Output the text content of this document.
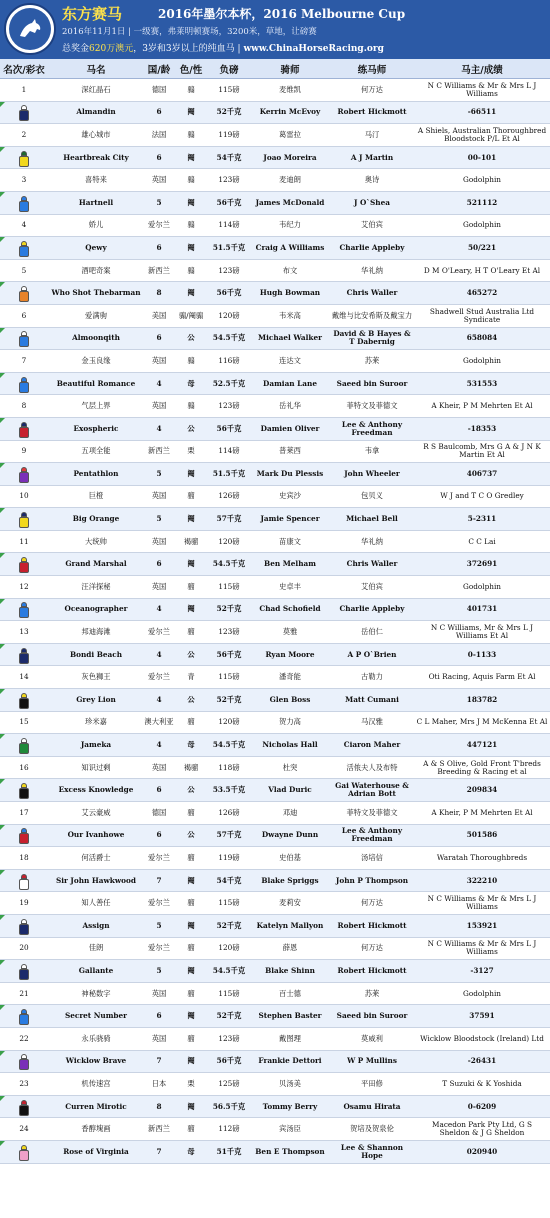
东方赛马	2016年墨尔本杯，2016 Melbourne Cup
2016年11月1日 | 一级赛，弗莱明顿赛场，3200米，草地，让磅赛
总奖金620万澳元，3岁和3岁以上的纯血马 | www.ChinaHorseRacing.org
名次/彩衣	马名	国/龄	色/性	负磅	骑师	练马师	马主/成绩
1	深红晶石	德国	骟	115磅	麦维凯	何万达	N C Williams & Mr & Mrs L J Williams
Almandin	6	阉	52千克	Kerrin McEvoy	Robert Hickmott	-66511
2	雄心城市	法国	骟	119磅	葛雷拉	马汀	A Shiels, Australian Thoroughbred Bloodstock P/L Et Al
Heartbreak City	6	阉	54千克	Joao Moreira	A J Martin	00-101
3	喜特来	英国	骟	123磅	麦迪朗	奥诗	Godolphin
Hartnell	5	阉	56千克	James McDonald	J O`Shea	521112
4	娇儿	爱尔兰	骟	114磅	韦纪力	艾伯宾	Godolphin
Qewy	6	阉	51.5千克	Craig A Williams	Charlie Appleby	50/221
5	酒吧奇案	新西兰	骟	123磅	布文	华礼纳	D M O'Leary, H T O'Leary Et Al
Who Shot Thebarman	8	阉	56千克	Hugh Bowman	Chris Waller	465272
6	爱满驹	美国	骟/阉骟	120磅	韦米高	戴维与比安希斯及戴宝力	Shadwell Stud Australia Ltd Syndicate
Almoonqith	6	公	54.5千克	Michael Walker	David & B Hayes & T Dabernig	658084
7	金玉良缘	英国	骟	116磅	连达文	苏莱	Godolphin
Beautiful Romance	4	母	52.5千克	Damian Lane	Saeed bin Suroor	531553
8	气层上界	英国	骟	123磅	岳礼华	菲特文及菲德文	A Kheir, P M Mehrten Et Al
Exospheric	4	公	56千克	Damien Oliver	Lee & Anthony Freedman	-18353
9	五项全能	新西兰	栗	114磅	普莱西	韦拿	R S Baulcomb, Mrs G A & J N K Martin Et Al
Pentathlon	5	阉	51.5千克	Mark Du Plessis	John Wheeler	406737
10	巨橙	英国	骝	126磅	史宾沙	包贝义	W J and T C O Gredley
Big Orange	5	阉	57千克	Jamie Spencer	Michael Bell	5-2311
11	大统帅	英国	褐骝	120磅	苗康文	华礼纳	C C Lai
Grand Marshal	6	阉	54.5千克	Ben Melham	Chris Waller	372691
12	汪洋探秘	英国	骝	115磅	史卓丰	艾伯宾	Godolphin
Oceanographer	4	阉	52千克	Chad Schofield	Charlie Appleby	401731
13	邦迪海滩	爱尔兰	骝	123磅	莫雅	岳伯仁	N C Williams, Mr & Mrs L J Williams Et Al
Bondi Beach	4	公	56千克	Ryan Moore	A P O`Brien	0-1133
14	灰色狮王	爱尔兰	青	115磅	潘奇能	古勒力	Oti Racing, Aquis Farm Et Al
Grey Lion	4	公	52千克	Glen Boss	Matt Cumani	183782
15	珍米嘉	澳大利亚	骝	120磅	贺力高	马汉雅	C L Maher, Mrs J M McKenna Et Al
Jameka	4	母	54.5千克	Nicholas Hall	Ciaron Maher	447121
16	知识过剩	英国	褐骝	118磅	杜突	活侬夫人及布特	A & S Olive, Gold Front T'breds Breeding & Racing et al
Excess Knowledge	6	公	53.5千克	Vlad Duric	Gai Waterhouse & Adrian Bott	209834
17	艾云豪威	德国	骝	126磅	邓迪	菲特文及菲德文	A Kheir, P M Mehrten Et Al
Our Ivanhowe	6	公	57千克	Dwayne Dunn	Lee & Anthony Freedman	501586
18	何活爵士	爱尔兰	骝	119磅	史伯基	汤培信	Waratah Thoroughbreds
Sir John Hawkwood	7	阉	54千克	Blake Spriggs	John P Thompson	322210
19	知人善任	爱尔兰	骝	115磅	麦莉安	何万达	N C Williams & Mr & Mrs L J Williams
Assign	5	阉	52千克	Katelyn Mallyon	Robert Hickmott	153921
20	佳朗	爱尔兰	骝	120磅	薛恩	何万达	N C Williams & Mr & Mrs L J Williams
Gallante	5	阉	54.5千克	Blake Shinn	Robert Hickmott	-3127
21	神秘数字	英国	骝	115磅	百士德	苏莱	Godolphin
Secret Number	6	阉	52千克	Stephen Baster	Saeed bin Suroor	37591
22	永乐骁骑	英国	骝	123磅	戴图理	莫威利	Wicklow Bloodstock (Ireland) Ltd
Wicklow Brave	7	阉	56千克	Frankie Dettori	W P Mullins	-26431
23	机传速宫	日本	栗	125磅	贝汤美	平田修	T Suzuki & K Yoshida
Curren Mirotic	8	阉	56.5千克	Tommy Berry	Osamu Hirata	0-6209
24	香醇塊画	新西兰	骝	112磅	宾汤臣	贺培及贺泉伦	Macedon Park Pty Ltd, G S Sheldon & J G Sheldon
Rose of Virginia	7	母	51千克	Ben E Thompson	Lee & Shannon Hope	020940
